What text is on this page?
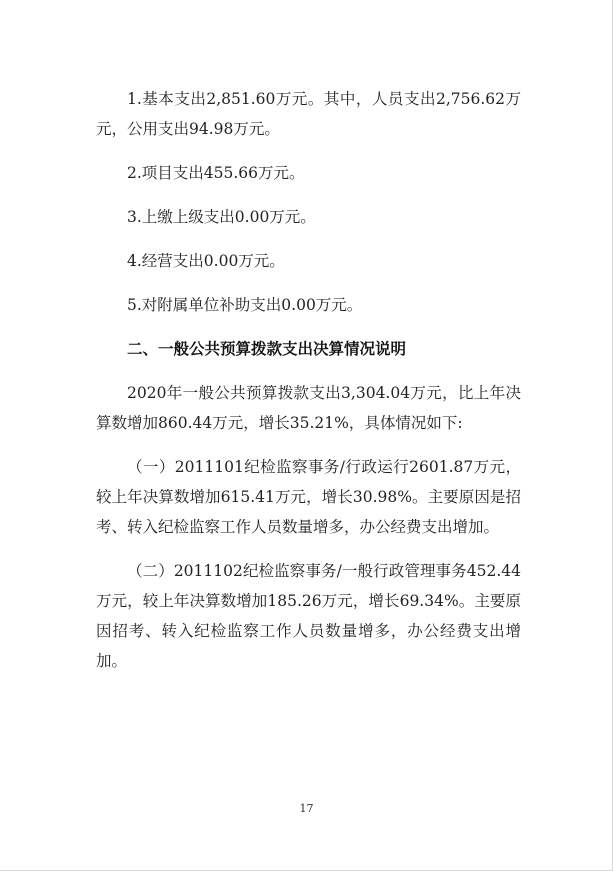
1.基本支出2,851.60万元。其中，人员支出2,756.62万元，公用支出94.98万元。

2.项目支出455.66万元。

3.上缴上级支出0.00万元。

4.经营支出0.00万元。

5.对附属单位补助支出0.00万元。

二、一般公共预算拨款支出决算情况说明

2020年一般公共预算拨款支出3,304.04万元，比上年决算数增加860.44万元，增长35.21%，具体情况如下:

（一）2011101纪检监察事务/行政运行2601.87万元，较上年决算数增加615.41万元，增长30.98%。主要原因是招考、转入纪检监察工作人员数量增多，办公经费支出增加。

（二）2011102纪检监察事务/一般行政管理事务452.44万元，较上年决算数增加185.26万元，增长69.34%。主要原因招考、转入纪检监察工作人员数量增多，办公经费支出增加。

17
